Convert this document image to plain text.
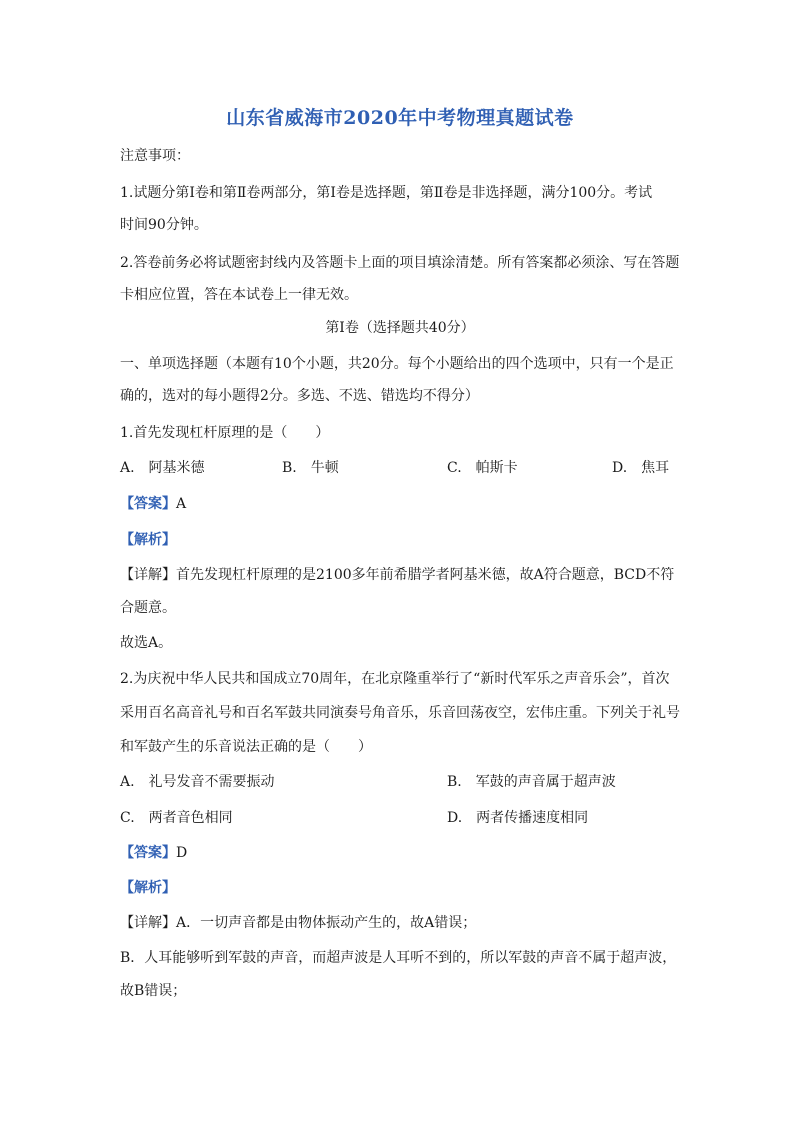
山东省威海市2020年中考物理真题试卷
注意事项：
1.试题分第Ⅰ卷和第Ⅱ卷两部分，第Ⅰ卷是选择题，第Ⅱ卷是非选择题，满分100分。考试
时间90分钟。
2.答卷前务必将试题密封线内及答题卡上面的项目填涂清楚。所有答案都必须涂、写在答题
卡相应位置，答在本试卷上一律无效。
第Ⅰ卷（选择题共40分）
一、单项选择题（本题有10个小题，共20分。每个小题给出的四个选项中，只有一个是正
确的，选对的每小题得2分。多选、不选、错选均不得分）
1.首先发现杠杆原理的是（　　）
A.　阿基米德	B.　牛顿	C.　帕斯卡	D.　焦耳
【答案】A
【解析】
【详解】首先发现杠杆原理的是2100多年前希腊学者阿基米德，故A符合题意，BCD不符
合题意。
故选A。
2.为庆祝中华人民共和国成立70周年，在北京隆重举行了“新时代军乐之声音乐会”，首次
采用百名高音礼号和百名军鼓共同演奏号角音乐，乐音回荡夜空，宏伟庄重。下列关于礼号
和军鼓产生的乐音说法正确的是（　　）
A.　礼号发音不需要振动	B.　军鼓的声音属于超声波
C.　两者音色相同	D.　两者传播速度相同
【答案】D
【解析】
【详解】A．一切声音都是由物体振动产生的，故A错误；
B．人耳能够听到军鼓的声音，而超声波是人耳听不到的，所以军鼓的声音不属于超声波，
故B错误；
